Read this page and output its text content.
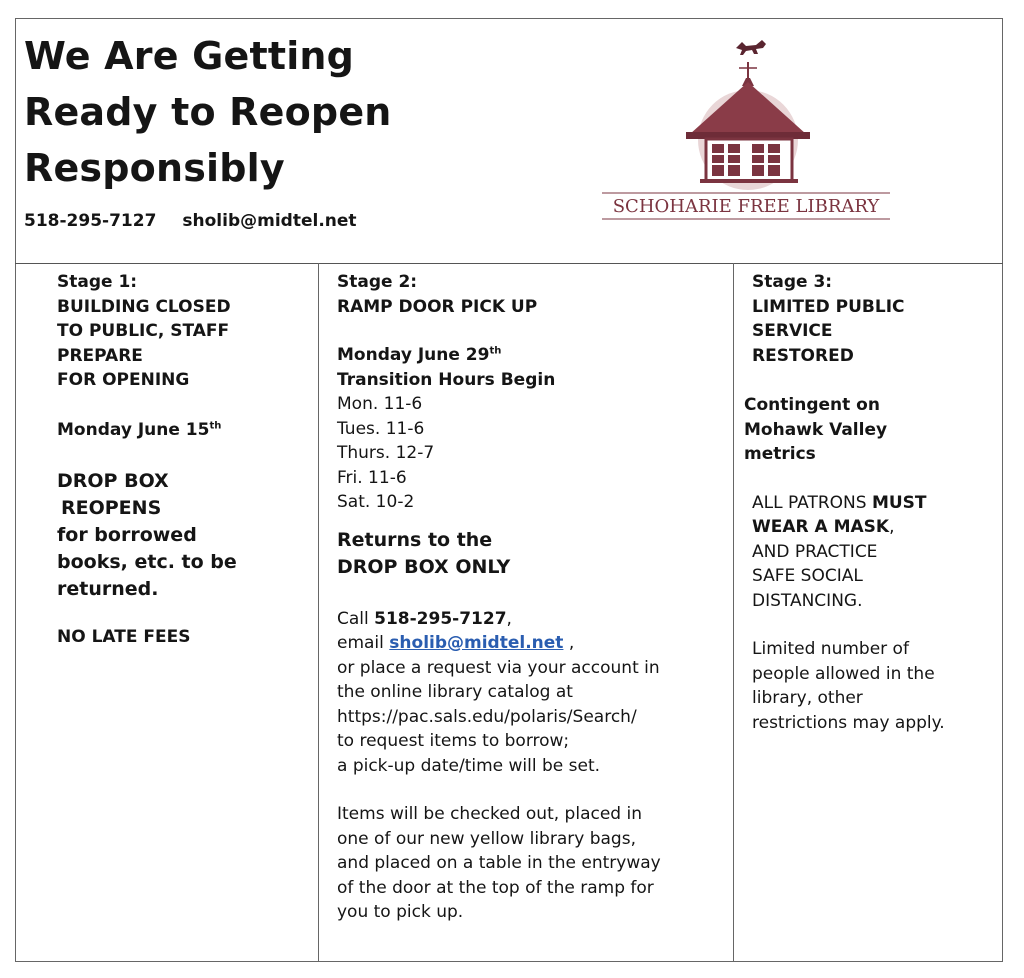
We Are Getting
Ready to Reopen
Responsibly
518-295-7127 sholib@midtel.net
SCHOHARIE FREE LIBRARY

Stage 1:

BUILDING CLOSED

TO PUBLIC, STAFF

PREPARE

FOR OPENING

Monday June 15th

DROP BOX

REOPENS

for borrowed

books, etc. to be

returned.

NO LATE FEES

Stage 2:

RAMP DOOR PICK UP

Monday June 29th

Transition Hours Begin

Mon. 11-6

Tues. 11-6

Thurs. 12-7

Fri. 11-6

Sat. 10-2

Returns to the

DROP BOX ONLY

Call 518-295-7127,

email sholib@midtel.net ,

or place a request via your account in

the online library catalog at

https://pac.sals.edu/polaris/Search/

to request items to borrow;

a pick-up date/time will be set.

Items will be checked out, placed in

one of our new yellow library bags,

and placed on a table in the entryway

of the door at the top of the ramp for

you to pick up.

Stage 3:

LIMITED PUBLIC

SERVICE

RESTORED

Contingent on

Mohawk Valley

metrics

ALL PATRONS MUST

WEAR A MASK,

AND PRACTICE

SAFE SOCIAL

DISTANCING.

Limited number of

people allowed in the

library, other

restrictions may apply.
